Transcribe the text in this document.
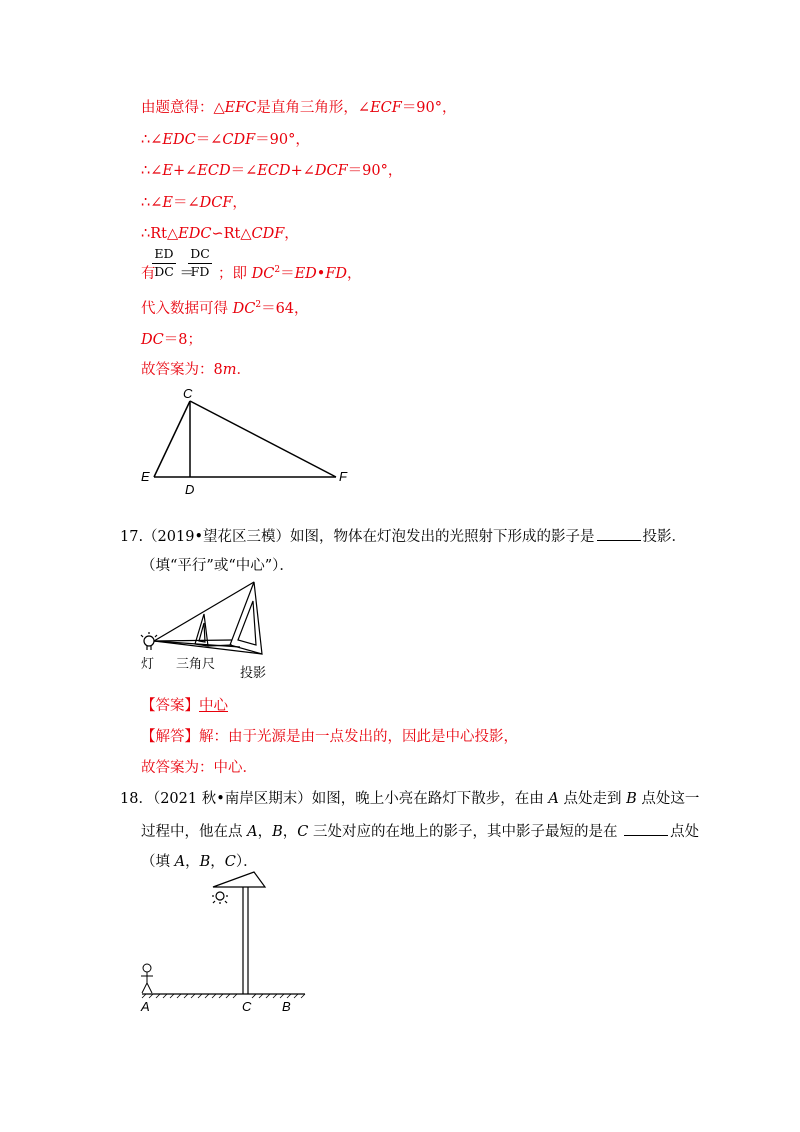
由题意得：△EFC是直角三角形，∠ECF＝90°，
∴∠EDC＝∠CDF＝90°，
∴∠E+∠ECD＝∠ECD+∠DCF＝90°，
∴∠E＝∠DCF，
∴Rt△EDC∽Rt△CDF，
$\frac{ED}{DC} \frac{DC}{FD}$
有 ＝ ；即 $DC^2=ED•FD$，
代入数据可得 $DC^2=64$，
DC＝8；
故答案为：8m．
C
E
D
F
17.（2019•望花区三模）如图，物体在灯泡发出的光照射下形成的影子是	投影．
（填“平行”或“中心”）．
灯 三角尺
投影
【答案】中心
【解答】解：由于光源是由一点发出的，因此是中心投影，
故答案为：中心．
18．（2021 秋•南岸区期末）如图，晚上小亮在路灯下散步，在由 A 点处走到 B 点处这一
过程中，他在点 A，B，C 三处对应的在地上的影子，其中影子最短的是在	点处
（填 A，B，C）．
A	C B
